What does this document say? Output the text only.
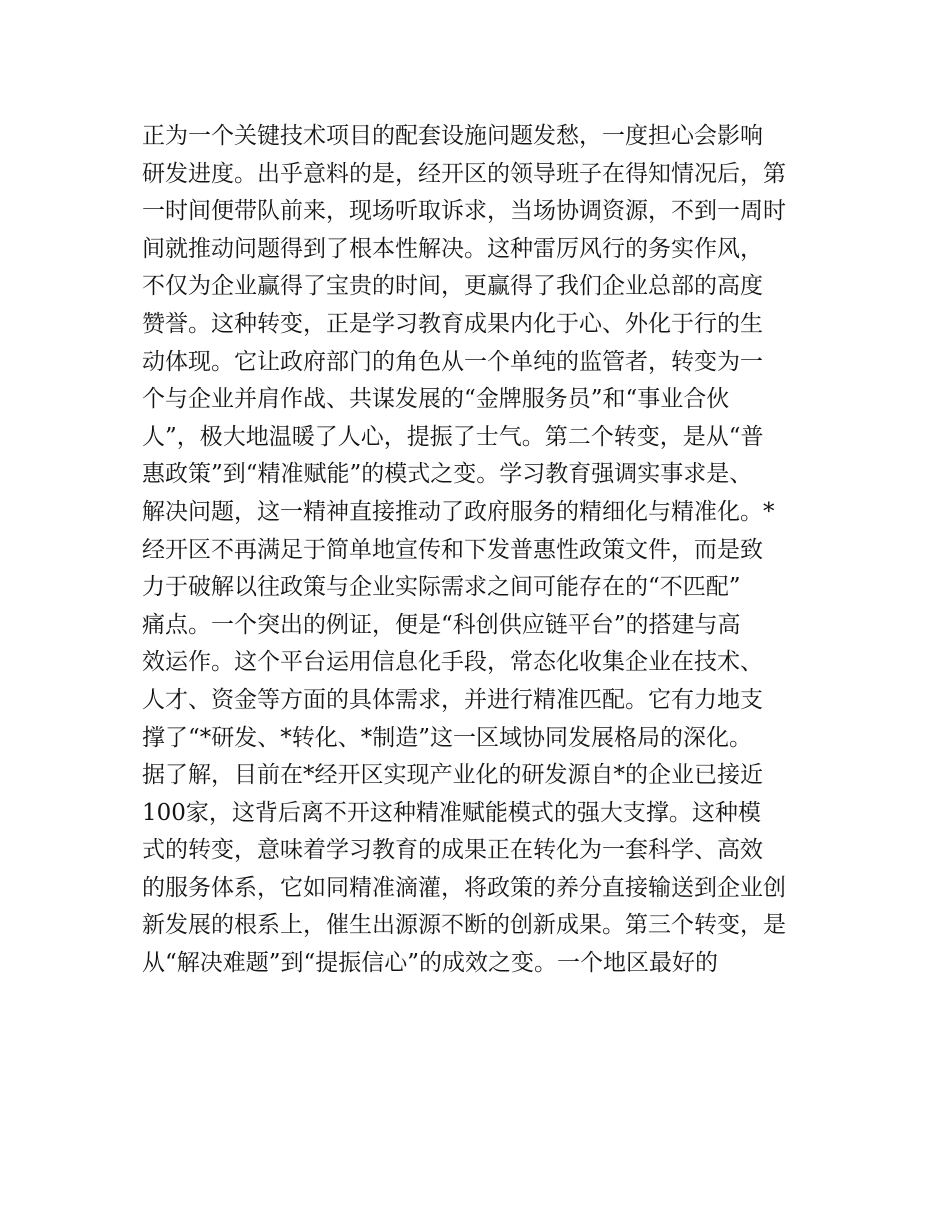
正为一个关键技术项目的配套设施问题发愁，一度担心会影响
研发进度。出乎意料的是，经开区的领导班子在得知情况后，第
一时间便带队前来，现场听取诉求，当场协调资源，不到一周时
间就推动问题得到了根本性解决。这种雷厉风行的务实作风，
不仅为企业赢得了宝贵的时间，更赢得了我们企业总部的高度
赞誉。这种转变，正是学习教育成果内化于心、外化于行的生
动体现。它让政府部门的角色从一个单纯的监管者，转变为一
个与企业并肩作战、共谋发展的“金牌服务员”和“事业合伙
人”，极大地温暖了人心，提振了士气。第二个转变，是从“普
惠政策”到“精准赋能”的模式之变。学习教育强调实事求是、
解决问题，这一精神直接推动了政府服务的精细化与精准化。*
经开区不再满足于简单地宣传和下发普惠性政策文件，而是致
力于破解以往政策与企业实际需求之间可能存在的“不匹配”
痛点。一个突出的例证，便是“科创供应链平台”的搭建与高
效运作。这个平台运用信息化手段，常态化收集企业在技术、
人才、资金等方面的具体需求，并进行精准匹配。它有力地支
撑了“*研发、*转化、*制造”这一区域协同发展格局的深化。
据了解，目前在*经开区实现产业化的研发源自*的企业已接近
100家，这背后离不开这种精准赋能模式的强大支撑。这种模
式的转变，意味着学习教育的成果正在转化为一套科学、高效
的服务体系，它如同精准滴灌，将政策的养分直接输送到企业创
新发展的根系上，催生出源源不断的创新成果。第三个转变，是
从“解决难题”到“提振信心”的成效之变。一个地区最好的
